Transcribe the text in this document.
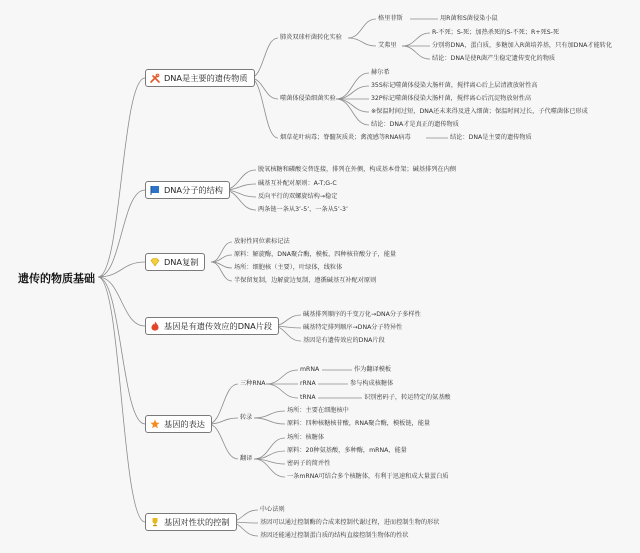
遗传的物质基础
DNA是主要的遗传物质
DNA分子的结构
DNA复制
基因是有遗传效应的DNA片段
基因的表达
基因对性状的控制
肺炎双球杆菌转化实验
格里菲斯	用R菌和S菌侵染小鼠
艾弗里
R-不死；S-死；加热杀死的S-不死；R+死S-死
分别将DNA，蛋白质，多糖加入R菌培养基，只有加DNA才能转化
结论：DNA是使R菌产生稳定遗传变化的物质
噬菌体侵染细菌实验
赫尔希
35S标记噬菌体侵染大肠杆菌，搅拌离心后上层清液放射性高
32P标记噬菌体侵染大肠杆菌，搅拌离心后沉淀物放射性高
※保温时间过短，DNA还未来得及进入细菌；保温时间过长，子代噬菌体已形成
结论：DNA才是真正的遗传物质
烟草花叶病毒；脊髓灰质炎；禽流感等RNA病毒	结论：DNA是主要的遗传物质
脱氧核糖和磷酸交替连接，排列在外侧，构成基本骨架；碱基排列在内侧
碱基互补配对原则：A-T;G-C
反向平行的双螺旋结构→稳定
两条链一条从3’-5’，一条从5’-3’
放射性同位素标记法
原料：解旋酶，DNA聚合酶，模板，四种核苷酸分子，能量
场所：细胞核（主要），叶绿体，线粒体
半保留复制，边解旋边复制，遵循碱基互补配对原则
碱基排列顺序的千变万化→DNA分子多样性
碱基特定排列顺序→DNA分子特异性
基因是有遗传效应的DNA片段
三种RNA
mRNA	作为翻译模板
rRNA	参与构成核糖体
tRNA	识别密码子，转运特定的氨基酸
转录
场所：主要在细胞核中
原料：四种核糖核苷酸，RNA聚合酶，模板链，能量
翻译
场所：核糖体
原料：20种氨基酸，多种酶，mRNA，能量
密码子的简并性
一条mRNA可结合多个核糖体，有利于迅速和成大量蛋白质
中心法则
基因可以通过控制酶的合成来控制代谢过程，进而控制生物的形状
基因还能通过控制蛋白质的结构直接控制生物体的性状
